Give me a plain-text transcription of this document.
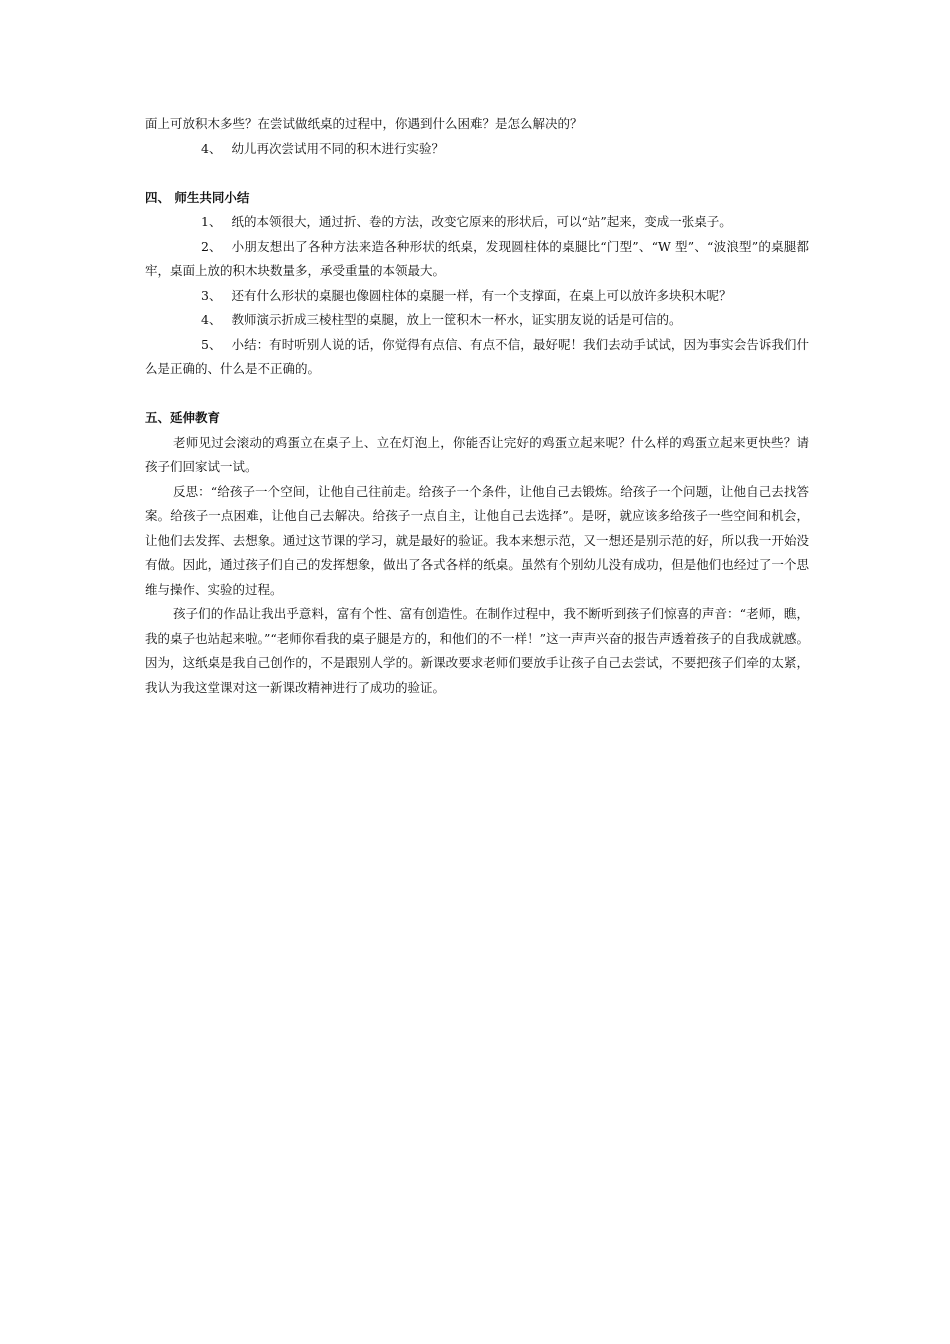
面上可放积木多些？在尝试做纸桌的过程中，你遇到什么困难？是怎么解决的？

4、 幼儿再次尝试用不同的积木进行实验？

四、 师生共同小结

1、 纸的本领很大，通过折、卷的方法，改变它原来的形状后，可以“站”起来，变成一张桌子。

2、 小朋友想出了各种方法来造各种形状的纸桌，发现圆柱体的桌腿比“门型”、“W 型”、“波浪型”的桌腿都牢，桌面上放的积木块数量多，承受重量的本领最大。

3、 还有什么形状的桌腿也像圆柱体的桌腿一样，有一个支撑面，在桌上可以放许多块积木呢？

4、 教师演示折成三棱柱型的桌腿，放上一筐积木一杯水，证实朋友说的话是可信的。

5、 小结：有时听别人说的话，你觉得有点信、有点不信，最好呢！我们去动手试试，因为事实会告诉我们什么是正确的、什么是不正确的。

五、延伸教育

老师见过会滚动的鸡蛋立在桌子上、立在灯泡上，你能否让完好的鸡蛋立起来呢？什么样的鸡蛋立起来更快些？请孩子们回家试一试。

反思：“给孩子一个空间，让他自己往前走。给孩子一个条件，让他自己去锻炼。给孩子一个问题，让他自己去找答案。给孩子一点困难，让他自己去解决。给孩子一点自主，让他自己去选择”。是呀，就应该多给孩子一些空间和机会，让他们去发挥、去想象。通过这节课的学习，就是最好的验证。我本来想示范，又一想还是别示范的好，所以我一开始没有做。因此，通过孩子们自己的发挥想象，做出了各式各样的纸桌。虽然有个别幼儿没有成功，但是他们也经过了一个思维与操作、实验的过程。

孩子们的作品让我出乎意料，富有个性、富有创造性。在制作过程中，我不断听到孩子们惊喜的声音：“老师，瞧，我的桌子也站起来啦。”“老师你看我的桌子腿是方的，和他们的不一样！”这一声声兴奋的报告声透着孩子的自我成就感。因为，这纸桌是我自己创作的，不是跟别人学的。新课改要求老师们要放手让孩子自己去尝试，不要把孩子们牵的太紧，我认为我这堂课对这一新课改精神进行了成功的验证。
